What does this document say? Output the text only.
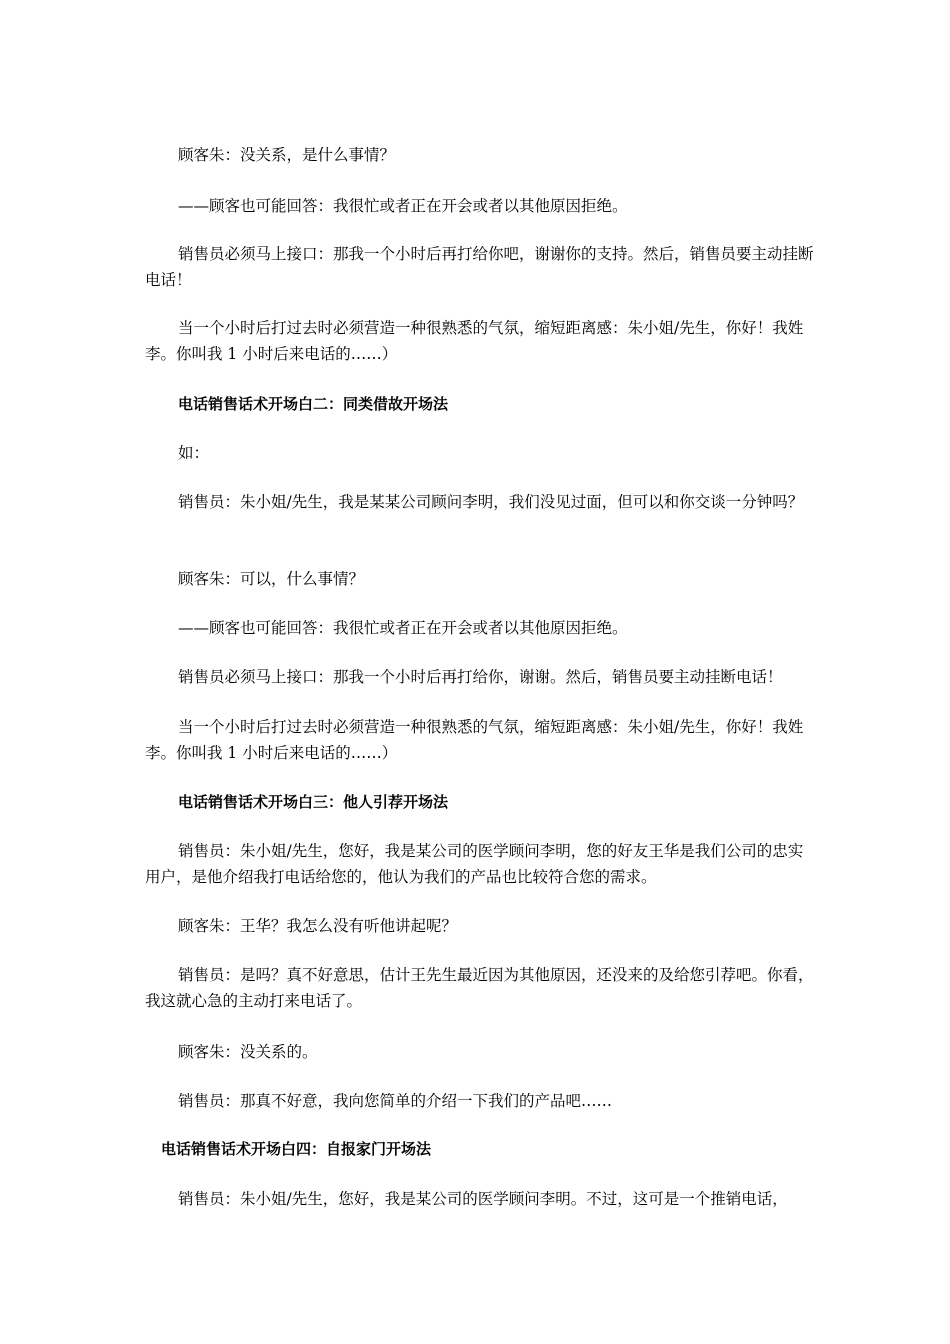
顾客朱：没关系，是什么事情？

——顾客也可能回答：我很忙或者正在开会或者以其他原因拒绝。

销售员必须马上接口：那我一个小时后再打给你吧，谢谢你的支持。然后，销售员要主动挂断电话！

当一个小时后打过去时必须营造一种很熟悉的气氛，缩短距离感：朱小姐/先生，你好！我姓李。你叫我 1 小时后来电话的……）

电话销售话术开场白二：同类借故开场法

如：

销售员：朱小姐/先生，我是某某公司顾问李明，我们没见过面，但可以和你交谈一分钟吗？

顾客朱：可以，什么事情？

——顾客也可能回答：我很忙或者正在开会或者以其他原因拒绝。

销售员必须马上接口：那我一个小时后再打给你，谢谢。然后，销售员要主动挂断电话！

当一个小时后打过去时必须营造一种很熟悉的气氛，缩短距离感：朱小姐/先生，你好！我姓李。你叫我 1 小时后来电话的……）

电话销售话术开场白三：他人引荐开场法

销售员：朱小姐/先生，您好，我是某公司的医学顾问李明，您的好友王华是我们公司的忠实用户，是他介绍我打电话给您的，他认为我们的产品也比较符合您的需求。

顾客朱：王华？我怎么没有听他讲起呢？

销售员：是吗？真不好意思，估计王先生最近因为其他原因，还没来的及给您引荐吧。你看，我这就心急的主动打来电话了。

顾客朱：没关系的。

销售员：那真不好意，我向您简单的介绍一下我们的产品吧……

电话销售话术开场白四：自报家门开场法

销售员：朱小姐/先生，您好，我是某公司的医学顾问李明。不过，这可是一个推销电话，
